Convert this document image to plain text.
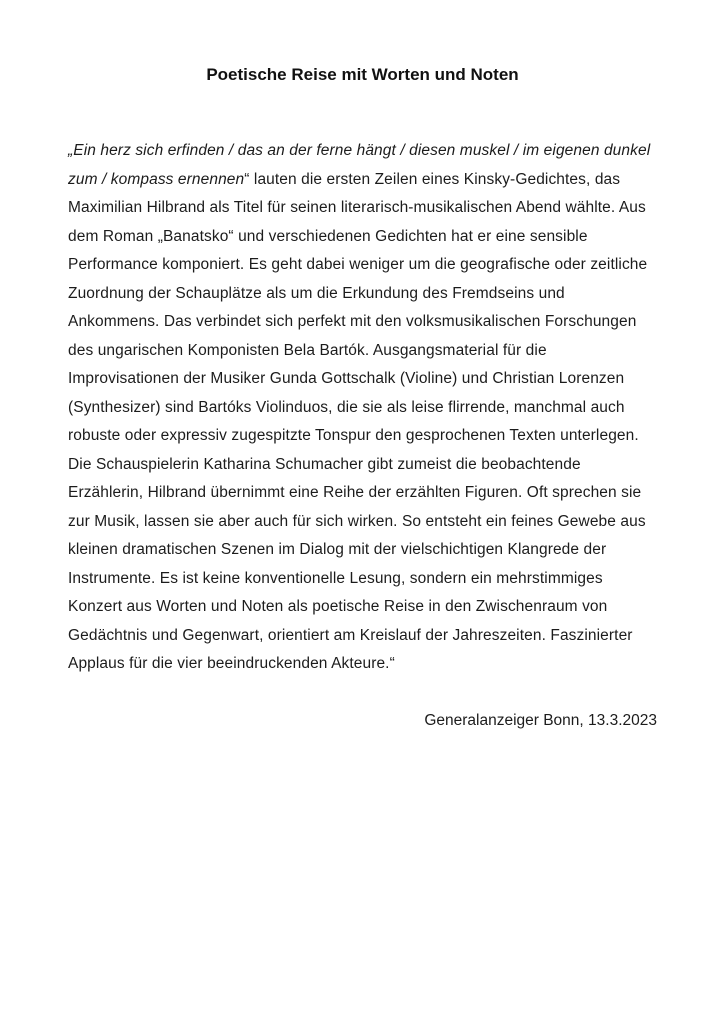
Poetische Reise mit Worten und Noten

„Ein herz sich erfinden / das an der ferne hängt / diesen muskel / im eigenen dunkel zum / kompass ernennen“ lauten die ersten Zeilen eines Kinsky-Gedichtes, das Maximilian Hilbrand als Titel für seinen literarisch-musikalischen Abend wählte. Aus dem Roman „Banatsko“ und verschiedenen Gedichten hat er eine sensible Performance komponiert. Es geht dabei weniger um die geografische oder zeitliche Zuordnung der Schauplätze als um die Erkundung des Fremdseins und Ankommens. Das verbindet sich perfekt mit den volksmusikalischen Forschungen des ungarischen Komponisten Bela Bartók. Ausgangsmaterial für die Improvisationen der Musiker Gunda Gottschalk (Violine) und Christian Lorenzen (Synthesizer) sind Bartóks Violinduos, die sie als leise flirrende, manchmal auch robuste oder expressiv zugespitzte Tonspur den gesprochenen Texten unterlegen. Die Schauspielerin Katharina Schumacher gibt zumeist die beobachtende Erzählerin, Hilbrand übernimmt eine Reihe der erzählten Figuren. Oft sprechen sie zur Musik, lassen sie aber auch für sich wirken. So entsteht ein feines Gewebe aus kleinen dramatischen Szenen im Dialog mit der vielschichtigen Klangrede der Instrumente. Es ist keine konventionelle Lesung, sondern ein mehrstimmiges Konzert aus Worten und Noten als poetische Reise in den Zwischenraum von Gedächtnis und Gegenwart, orientiert am Kreislauf der Jahreszeiten. Faszinierter Applaus für die vier beeindruckenden Akteure.“

Generalanzeiger Bonn, 13.3.2023
